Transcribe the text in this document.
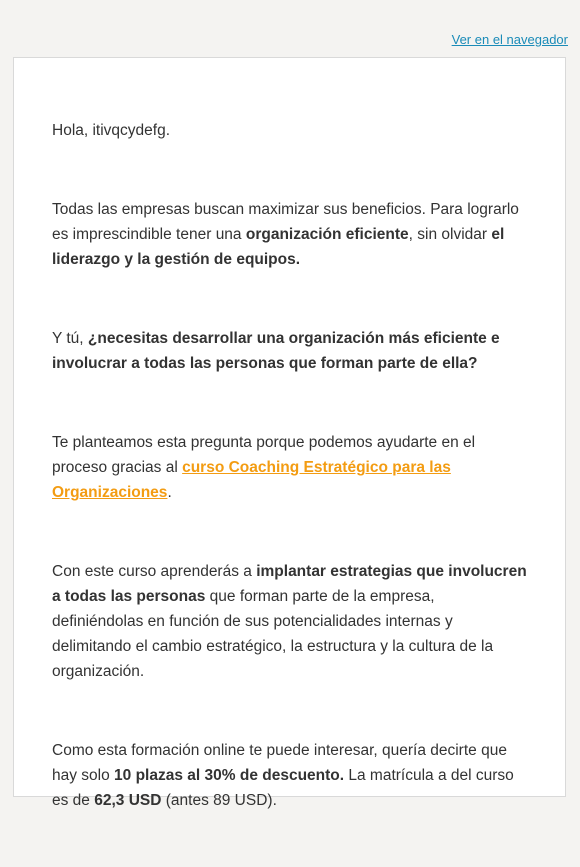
Ver en el navegador

Hola, itivqcydefg.

Todas las empresas buscan maximizar sus beneficios. Para lograrlo es imprescindible tener una organización eficiente, sin olvidar el liderazgo y la gestión de equipos.

Y tú, ¿necesitas desarrollar una organización más eficiente e involucrar a todas las personas que forman parte de ella?

Te planteamos esta pregunta porque podemos ayudarte en el proceso gracias al curso Coaching Estratégico para las Organizaciones.

Con este curso aprenderás a implantar estrategias que involucren a todas las personas que forman parte de la empresa, definiéndolas en función de sus potencialidades internas y delimitando el cambio estratégico, la estructura y la cultura de la organización.

Como esta formación online te puede interesar, quería decirte que hay solo 10 plazas al 30% de descuento. La matrícula a del curso es de 62,3 USD (antes 89 USD).
